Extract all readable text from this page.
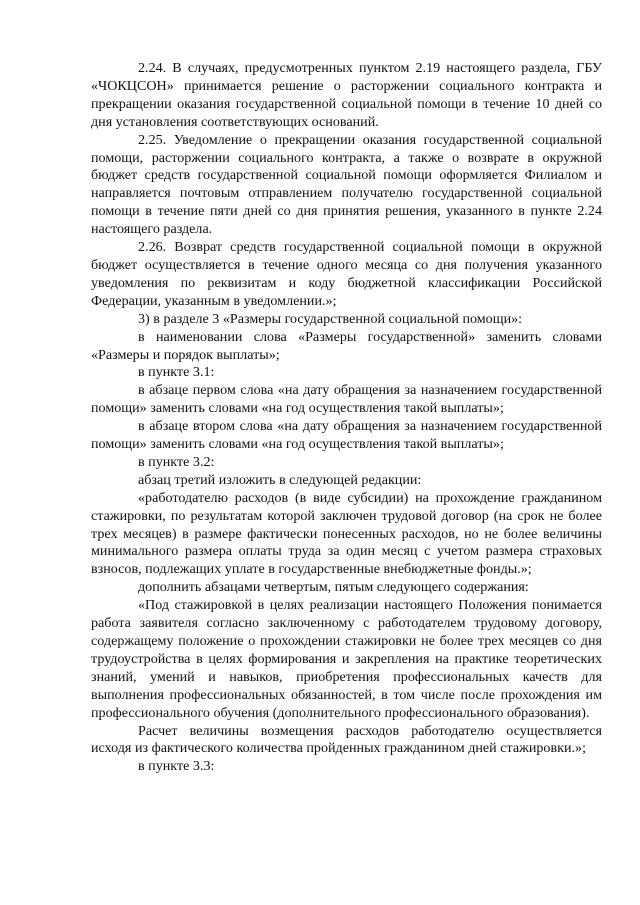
2.24. В случаях, предусмотренных пунктом 2.19 настоящего раздела, ГБУ «ЧОКЦСОН» принимается решение о расторжении социального контракта и прекращении оказания государственной социальной помощи в течение 10 дней со дня установления соответствующих оснований.

2.25. Уведомление о прекращении оказания государственной социальной помощи, расторжении социального контракта, а также о возврате в окружной бюджет средств государственной социальной помощи оформляется Филиалом и направляется почтовым отправлением получателю государственной социальной помощи в течение пяти дней со дня принятия решения, указанного в пункте 2.24 настоящего раздела.

2.26. Возврат средств государственной социальной помощи в окружной бюджет осуществляется в течение одного месяца со дня получения указанного уведомления по реквизитам и коду бюджетной классификации Российской Федерации, указанным в уведомлении.»;

3) в разделе 3 «Размеры государственной социальной помощи»:

в наименовании слова «Размеры государственной» заменить словами «Размеры и порядок выплаты»;

в пункте 3.1:

в абзаце первом слова «на дату обращения за назначением государственной помощи» заменить словами «на год осуществления такой выплаты»;

в абзаце втором слова «на дату обращения за назначением государственной помощи» заменить словами «на год осуществления такой выплаты»;

в пункте 3.2:

абзац третий изложить в следующей редакции:

«работодателю расходов (в виде субсидии) на прохождение гражданином стажировки, по результатам которой заключен трудовой договор (на срок не более трех месяцев) в размере фактически понесенных расходов, но не более величины минимального размера оплаты труда за один месяц с учетом размера страховых взносов, подлежащих уплате в государственные внебюджетные фонды.»;

дополнить абзацами четвертым, пятым следующего содержания:

«Под стажировкой в целях реализации настоящего Положения понимается работа заявителя согласно заключенному с работодателем трудовому договору, содержащему положение о прохождении стажировки не более трех месяцев со дня трудоустройства в целях формирования и закрепления на практике теоретических знаний, умений и навыков, приобретения профессиональных качеств для выполнения профессиональных обязанностей, в том числе после прохождения им профессионального обучения (дополнительного профессионального образования).

Расчет величины возмещения расходов работодателю осуществляется исходя из фактического количества пройденных гражданином дней стажировки.»;

в пункте 3.3:
